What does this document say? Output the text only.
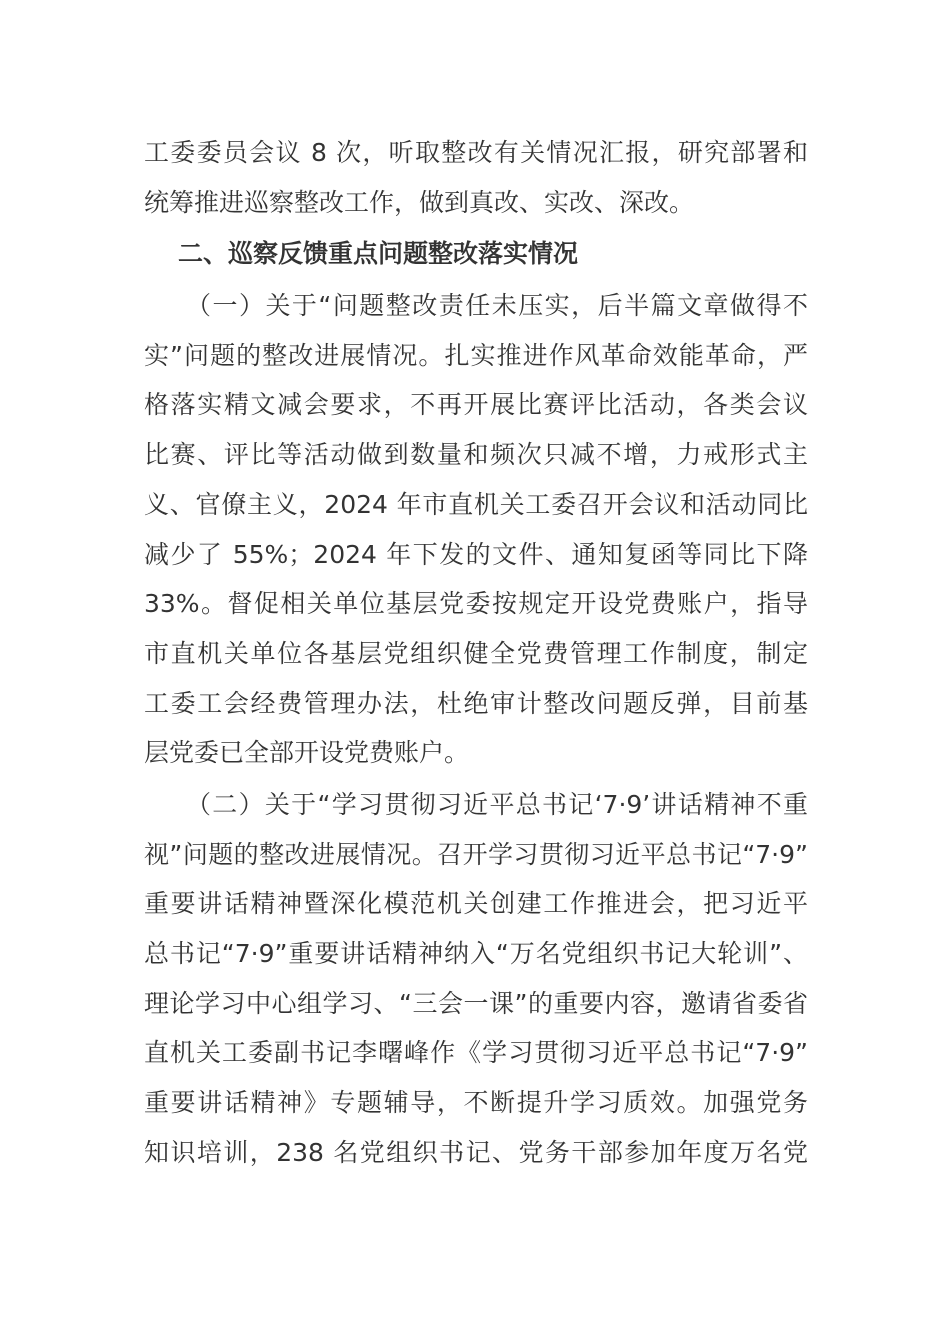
工委委员会议 8 次，听取整改有关情况汇报，研究部署和
统筹推进巡察整改工作，做到真改、实改、深改。
二、巡察反馈重点问题整改落实情况
（一）关于“问题整改责任未压实，后半篇文章做得不
实”问题的整改进展情况。扎实推进作风革命效能革命，严
格落实精文减会要求，不再开展比赛评比活动，各类会议
比赛、评比等活动做到数量和频次只减不增，力戒形式主
义、官僚主义，2024 年市直机关工委召开会议和活动同比
减少了 55%；2024 年下发的文件、通知复函等同比下降
33%。督促相关单位基层党委按规定开设党费账户，指导
市直机关单位各基层党组织健全党费管理工作制度，制定
工委工会经费管理办法，杜绝审计整改问题反弹，目前基
层党委已全部开设党费账户。
（二）关于“学习贯彻习近平总书记‘7·9’讲话精神不重
视”问题的整改进展情况。召开学习贯彻习近平总书记“7·9”
重要讲话精神暨深化模范机关创建工作推进会，把习近平
总书记“7·9”重要讲话精神纳入“万名党组织书记大轮训”、
理论学习中心组学习、“三会一课”的重要内容，邀请省委省
直机关工委副书记李曙峰作《学习贯彻习近平总书记“7·9”
重要讲话精神》专题辅导，不断提升学习质效。加强党务
知识培训，238 名党组织书记、党务干部参加年度万名党
